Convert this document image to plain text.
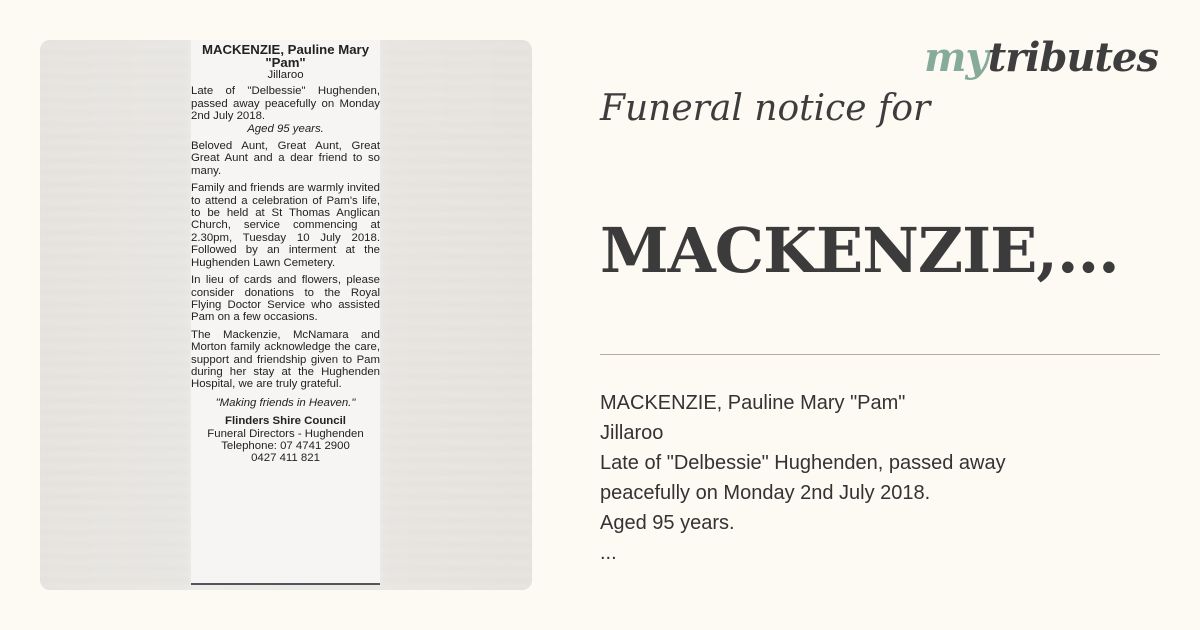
MACKENZIE, Pauline Mary
"Pam"
Jillaroo
Late of "Delbessie" Hughenden, passed away peacefully on Monday 2nd July 2018.
Aged 95 years.
Beloved Aunt, Great Aunt, Great Great Aunt and a dear friend to so many.
Family and friends are warmly invited to attend a celebration of Pam's life, to be held at St Thomas Anglican Church, service commencing at 2.30pm, Tuesday 10 July 2018. Followed by an interment at the Hughenden Lawn Cemetery.
In lieu of cards and flowers, please consider donations to the Royal Flying Doctor Service who assisted Pam on a few occasions.
The Mackenzie, McNamara and Morton family acknowledge the care, support and friendship given to Pam during her stay at the Hughenden Hospital, we are truly grateful.
"Making friends in Heaven."
Flinders Shire Council
Funeral Directors - Hughenden
Telephone: 07 4741 2900
0427 411 821
mytributes
Funeral notice for
MACKENZIE,...
MACKENZIE, Pauline Mary "Pam"
Jillaroo
Late of "Delbessie" Hughenden, passed away
peacefully on Monday 2nd July 2018.
Aged 95 years.
...
